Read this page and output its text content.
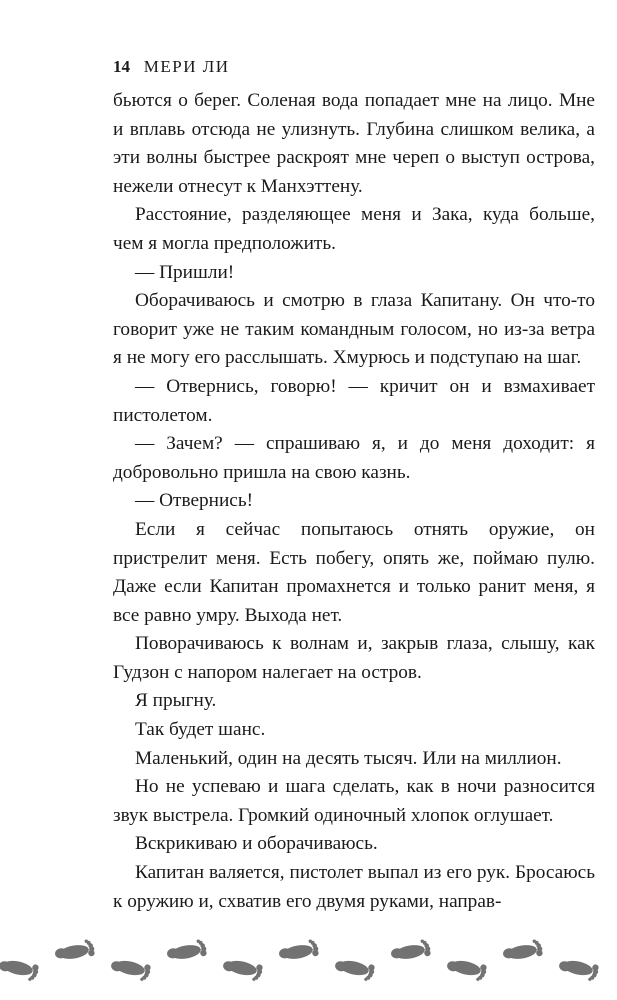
14 МЕРИ ЛИ

бьются о берег. Соленая вода попадает мне на лицо. Мне и вплавь отсюда не улизнуть. Глубина слишком велика, а эти волны быстрее раскроят мне череп о выступ острова, нежели отнесут к Манхэттену.

Расстояние, разделяющее меня и Зака, куда больше, чем я могла предположить.

— Пришли!

Оборачиваюсь и смотрю в глаза Капитану. Он что-то говорит уже не таким командным голосом, но из-за ветра я не могу его расслышать. Хмурюсь и подступаю на шаг.

— Отвернись, говорю! — кричит он и взмахивает пистолетом.

— Зачем? — спрашиваю я, и до меня доходит: я добровольно пришла на свою казнь.

— Отвернись!

Если я сейчас попытаюсь отнять оружие, он пристрелит меня. Есть побегу, опять же, поймаю пулю. Даже если Капитан промахнется и только ранит меня, я все равно умру. Выхода нет.

Поворачиваюсь к волнам и, закрыв глаза, слышу, как Гудзон с напором налегает на остров.

Я прыгну.

Так будет шанс.

Маленький, один на десять тысяч. Или на миллион.

Но не успеваю и шага сделать, как в ночи разносится звук выстрела. Громкий одиночный хлопок оглушает.

Вскрикиваю и оборачиваюсь.

Капитан валяется, пистолет выпал из его рук. Бросаюсь к оружию и, схватив его двумя руками, направ-
